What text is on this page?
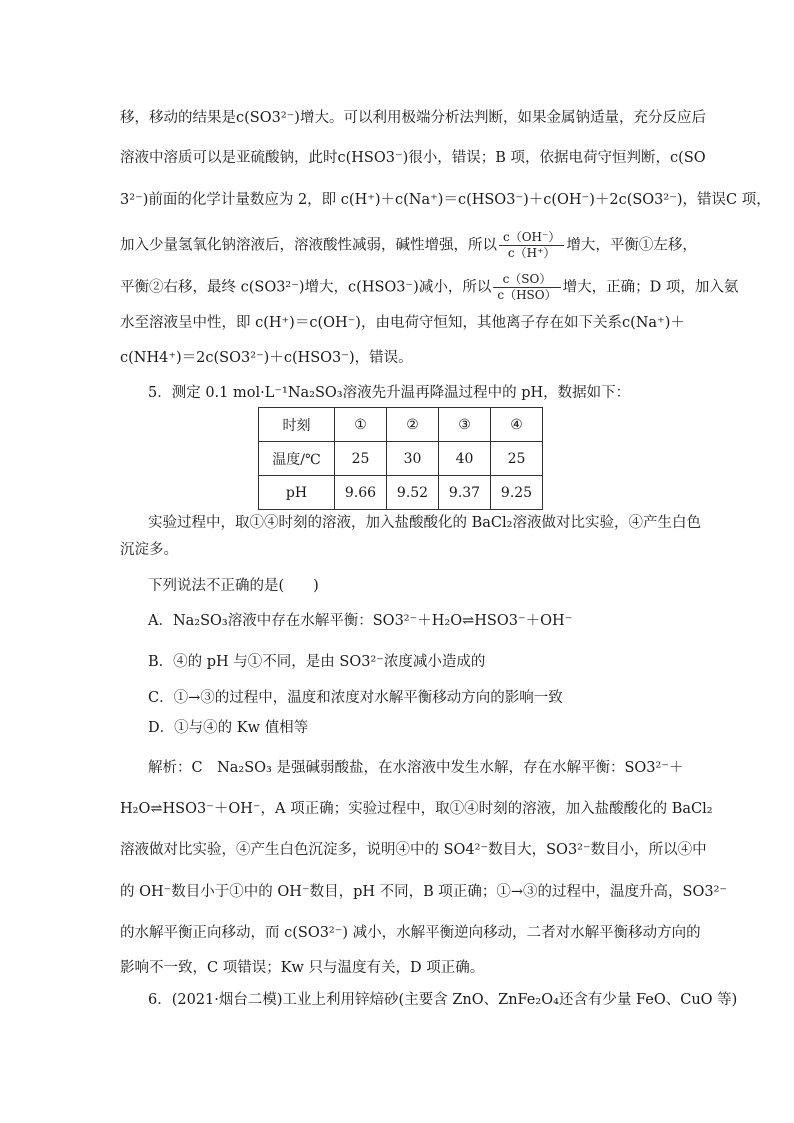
移，移动的结果是c(SO3²⁻)增大。可以利用极端分析法判断，如果金属钠适量，充分反应后
溶液中溶质可以是亚硫酸钠，此时c(HSO3⁻)很小，错误；B 项，依据电荷守恒判断，c(SO
3²⁻)前面的化学计量数应为 2，即 c(H⁺)＋c(Na⁺)＝c(HSO3⁻)＋c(OH⁻)＋2c(SO3²⁻)，错误C 项，
加入少量氢氧化钠溶液后，溶液酸性减弱，碱性增强，所以 $\frac{c(OH^-)}{c(H^+)}$ 增大，平衡①左移，
平衡②右移，最终 c(SO3²⁻)增大，c(HSO3⁻)减小，所以 $\frac{c(SO)}{\text{c（HSO）}}$ 增大，正确；D 项，加入氨
水至溶液呈中性，即 c(H⁺)＝c(OH⁻)，由电荷守恒知，其他离子存在如下关系c(Na⁺)＋
c(NH4⁺)＝2c(SO3²⁻)＋c(HSO3⁻)，错误。
5．测定 0.1 mol·L⁻¹Na₂SO₃溶液先升温再降温过程中的 pH，数据如下：
时刻	①	②	③	④
温度/℃	25	30	40	25
pH	9.66	9.52	9.37	9.25
实验过程中，取①④时刻的溶液，加入盐酸酸化的 BaCl₂溶液做对比实验，④产生白色
沉淀多。
下列说法不正确的是(　　)
A．Na₂SO₃溶液中存在水解平衡：SO3²⁻＋H₂O⇌HSO3⁻＋OH⁻
B．④的 pH 与①不同，是由 SO3²⁻浓度减小造成的
C．①→③的过程中，温度和浓度对水解平衡移动方向的影响一致
D．①与④的 Kw 值相等
解析：C　Na₂SO₃ 是强碱弱酸盐，在水溶液中发生水解，存在水解平衡：SO3²⁻＋
H₂O⇌HSO3⁻＋OH⁻，A 项正确；实验过程中，取①④时刻的溶液，加入盐酸酸化的 BaCl₂
溶液做对比实验，④产生白色沉淀多，说明④中的 SO4²⁻数目大，SO3²⁻数目小，所以④中
的 OH⁻数目小于①中的 OH⁻数目，pH 不同，B 项正确；①→③的过程中，温度升高，SO3²⁻
的水解平衡正向移动，而 c(SO3²⁻) 减小，水解平衡逆向移动，二者对水解平衡移动方向的
影响不一致，C 项错误；Kw 只与温度有关，D 项正确。
6．(2021·烟台二模)工业上利用锌焙砂(主要含 ZnO、ZnFe₂O₄还含有少量 FeO、CuO 等)
